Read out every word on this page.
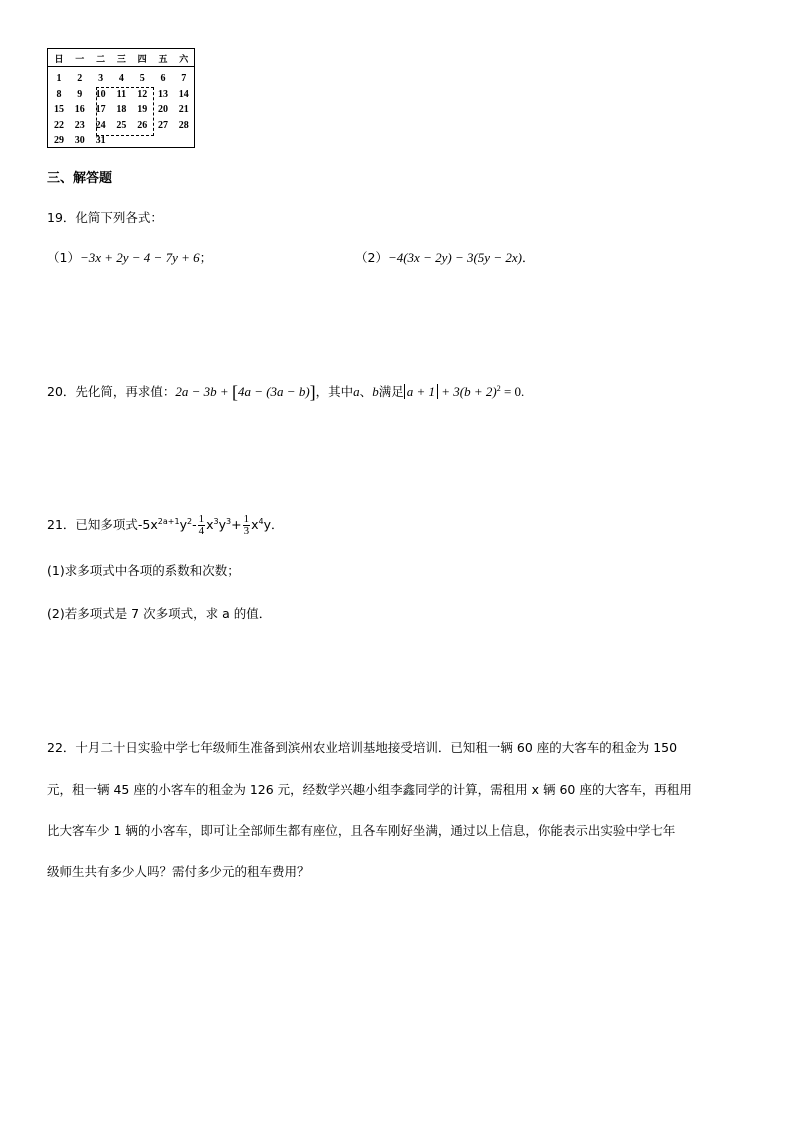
日	一	二	三	四	五	六
1	2	3	4	5	6	7
8	9	10	11	12	13	14
15	16	17	18	19	20	21
22	23	24	25	26	27	28
29	30	31
三、解答题
19．化简下列各式：
（1）−3x + 2y − 4 − 7y + 6；	（2）−4(3x − 2y) − 3(5y − 2x)．
20．先化简，再求值：2a − 3b + [4a − (3a − b)]，其中a、b满足 $a + 1 + 3(b + 2)^2 = 0$.
21．已知多项式$-5x^{2a+1}y^2- \frac{1}{4} x^3y^3+ \frac{1}{3} x^4y$．
(1)求多项式中各项的系数和次数；
(2)若多项式是 7 次多项式，求 a 的值．
22．十月二十日实验中学七年级师生准备到滨州农业培训基地接受培训．已知租一辆 60 座的大客车的租金为 150
元，租一辆 45 座的小客车的租金为 126 元，经数学兴趣小组李鑫同学的计算，需租用 x 辆 60 座的大客车，再租用
比大客车少 1 辆的小客车，即可让全部师生都有座位，且各车刚好坐满，通过以上信息，你能表示出实验中学七年
级师生共有多少人吗？需付多少元的租车费用？
